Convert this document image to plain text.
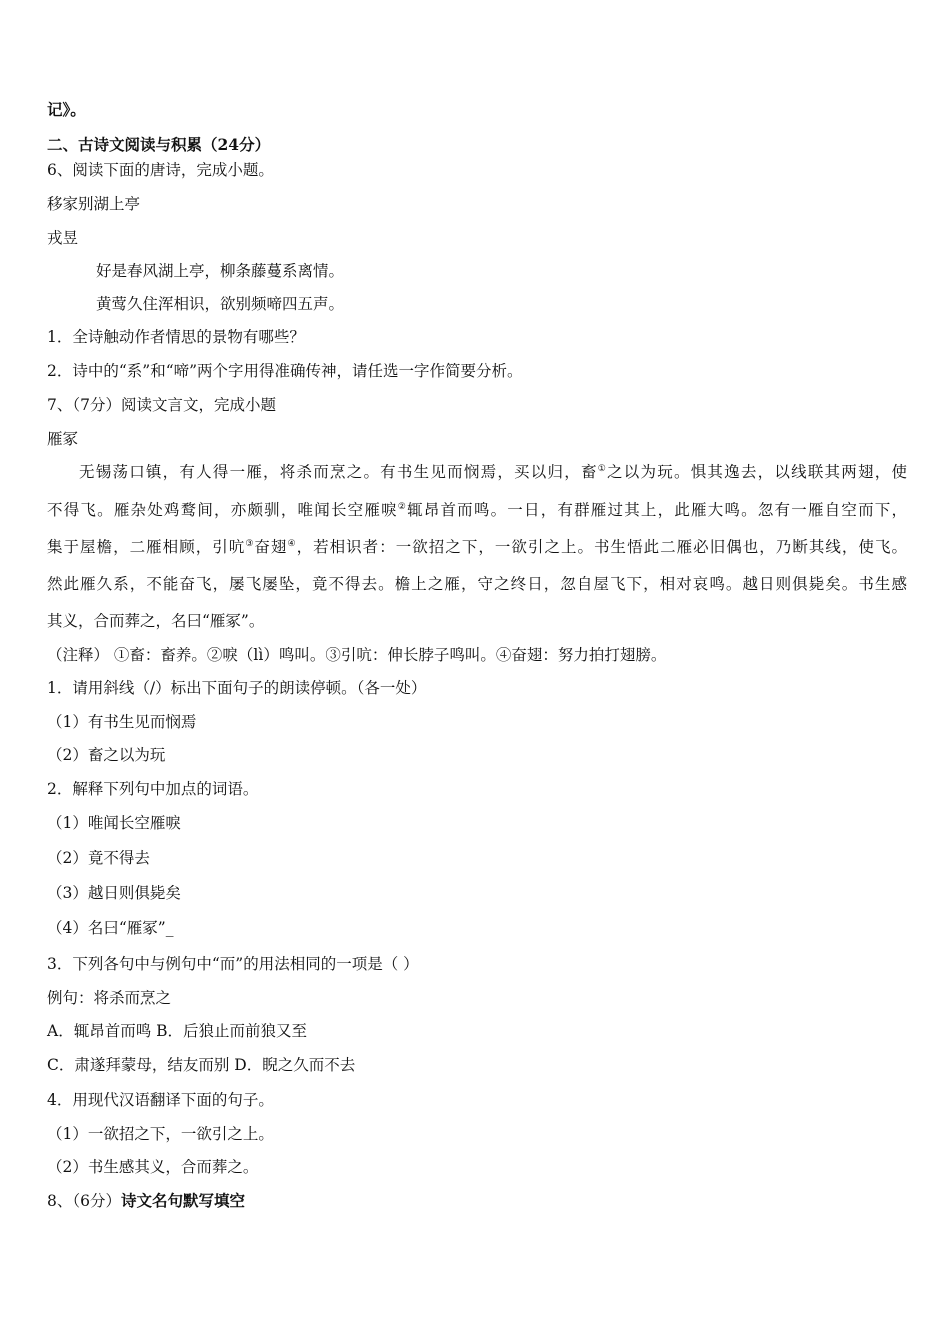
记》。
二、古诗文阅读与积累（24分）
6、阅读下面的唐诗，完成小题。
移家别湖上亭
戎昱
好是春风湖上亭，柳条藤蔓系离情。
黄莺久住浑相识，欲别频啼四五声。
1．全诗触动作者情思的景物有哪些？
2．诗中的“系”和“啼”两个字用得准确传神，请任选一字作简要分析。
7、（7分）阅读文言文，完成小题
雁冢
无锡荡口镇，有人得一雁，将杀而烹之。有书生见而悯焉，买以归，畜①之以为玩。惧其逸去，以线联其两翅，使
不得飞。雁杂处鸡鹜间，亦颇驯，唯闻长空雁唳②辄昂首而鸣。一日，有群雁过其上，此雁大鸣。忽有一雁自空而下，
集于屋檐，二雁相顾，引吭③奋翅④，若相识者：一欲招之下，一欲引之上。书生悟此二雁必旧偶也，乃断其线，使飞。
然此雁久系，不能奋飞，屡飞屡坠，竟不得去。檐上之雁，守之终日，忽自屋飞下，相对哀鸣。越日则俱毙矣。书生感
其义，合而葬之，名曰“雁冢”。
（注释） ①畜：畜养。②唳（lì）鸣叫。③引吭：伸长脖子鸣叫。④奋翅：努力拍打翅膀。
1．请用斜线（/）标出下面句子的朗读停顿。（各一处）
（1）有书生见而悯焉
（2）畜之以为玩
2．解释下列句中加点的词语。
（1）唯闻长空雁唳
（2）竟不得去
（3）越日则俱毙矣
（4）名曰“雁冢”_
3．下列各句中与例句中“而”的用法相同的一项是（ ）
例句：将杀而烹之
A．辄昂首而鸣 B．后狼止而前狼又至
C．肃遂拜蒙母，结友而别 D．睨之久而不去
4．用现代汉语翻译下面的句子。
（1）一欲招之下，一欲引之上。
（2）书生感其义，合而葬之。
8、（6分）诗文名句默写填空
